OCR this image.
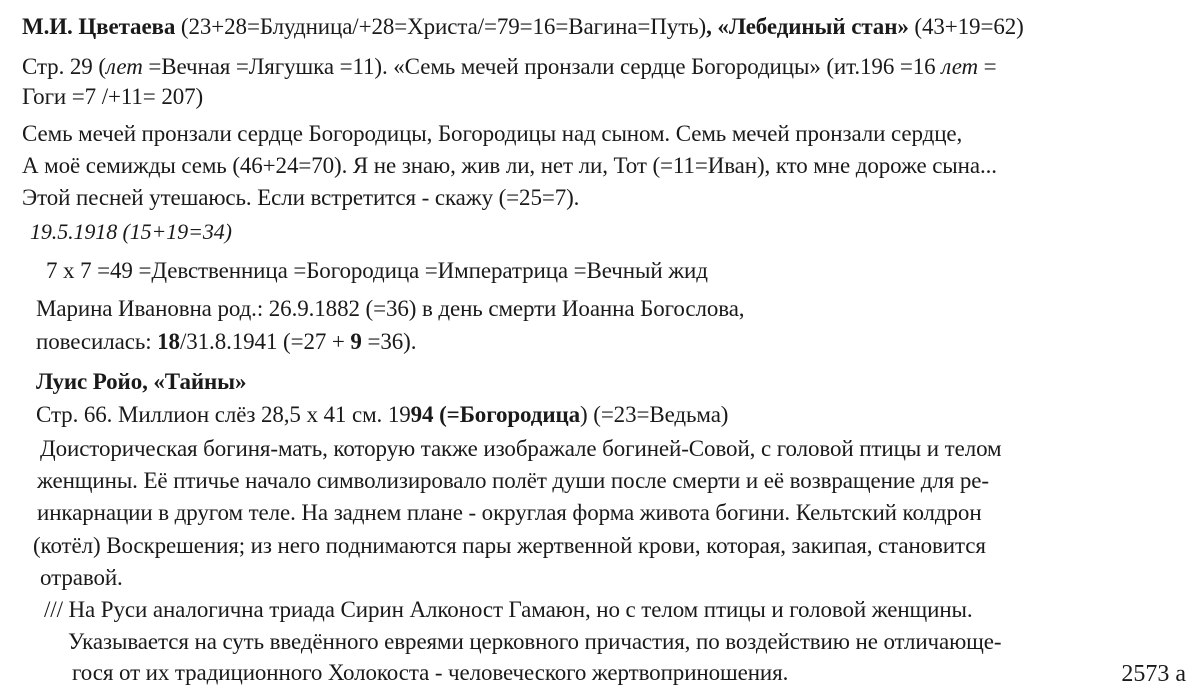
М.И. Цветаева (23+28=Блудница/+28=Христа/=79=16=Вагина=Путь), «Лебединый стан» (43+19=62)
Стр. 29 (лет =Вечная =Лягушка =11). «Семь мечей пронзали сердце Богородицы» (ит.196 =16 лет =
Гоги =7 /+11= 207)
Семь мечей пронзали сердце Богородицы, Богородицы над сыном. Семь мечей пронзали сердце,
А моё семижды семь (46+24=70). Я не знаю, жив ли, нет ли, Тот (=11=Иван), кто мне дороже сына...
Этой песней утешаюсь. Если встретится - скажу (=25=7).
19.5.1918 (15+19=34)
7 x 7 =49 =Девственница =Богородица =Императрица =Вечный жид
Марина Ивановна род.: 26.9.1882 (=36) в день смерти Иоанна Богослова,
повесилась: 18/31.8.1941 (=27 + 9 =36).
Луис Ройо, «Тайны»
Стр. 66. Миллион слёз 28,5 x 41 см. 1994 (=Богородица) (=23=Ведьма)
Доисторическая богиня-мать, которую также изображале богиней-Совой, с головой птицы и телом
женщины. Её птичье начало символизировало полёт души после смерти и её возвращение для ре-
инкарнации в другом теле. На заднем плане - округлая форма живота богини. Кельтский колдрон
(котёл) Воскрешения; из него поднимаются пары жертвенной крови, которая, закипая, становится
отравой.
/// На Руси аналогична триада Сирин Алконост Гамаюн, но с телом птицы и головой женщины.
Указывается на суть введённого евреями церковного причастия, по воздействию не отличающе-
гося от их традиционного Холокоста - человеческого жертвоприношения.	2573 а
